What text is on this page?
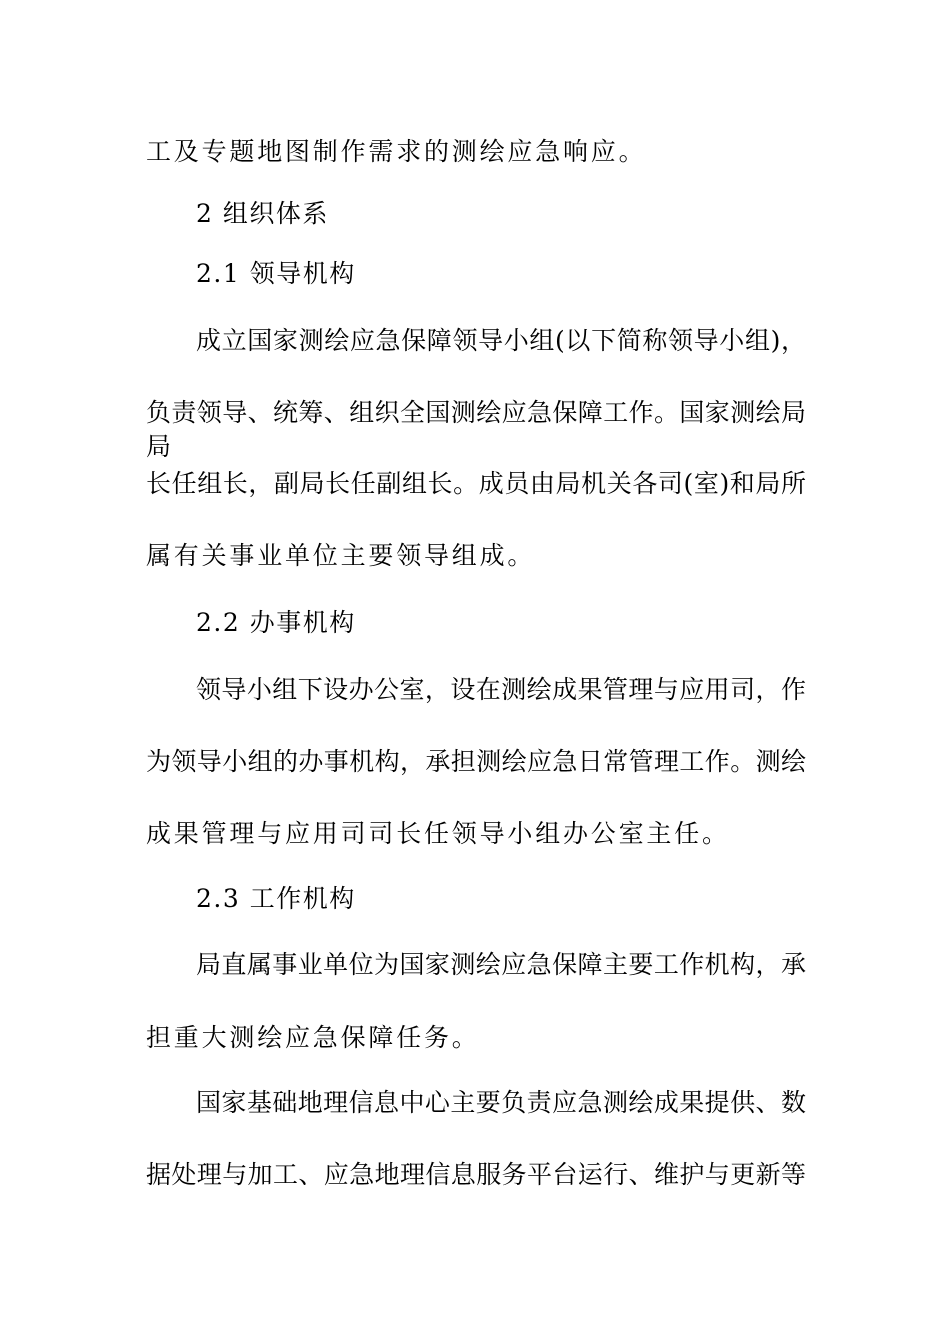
工及专题地图制作需求的测绘应急响应。
2 组织体系
2.1 领导机构
成立国家测绘应急保障领导小组(以下简称领导小组)，
负责领导、统筹、组织全国测绘应急保障工作。国家测绘局局
长任组长，副局长任副组长。成员由局机关各司(室)和局所
属有关事业单位主要领导组成。
2.2 办事机构
领导小组下设办公室，设在测绘成果管理与应用司，作
为领导小组的办事机构，承担测绘应急日常管理工作。测绘
成果管理与应用司司长任领导小组办公室主任。
2.3 工作机构
局直属事业单位为国家测绘应急保障主要工作机构，承
担重大测绘应急保障任务。
国家基础地理信息中心主要负责应急测绘成果提供、数
据处理与加工、应急地理信息服务平台运行、维护与更新等
